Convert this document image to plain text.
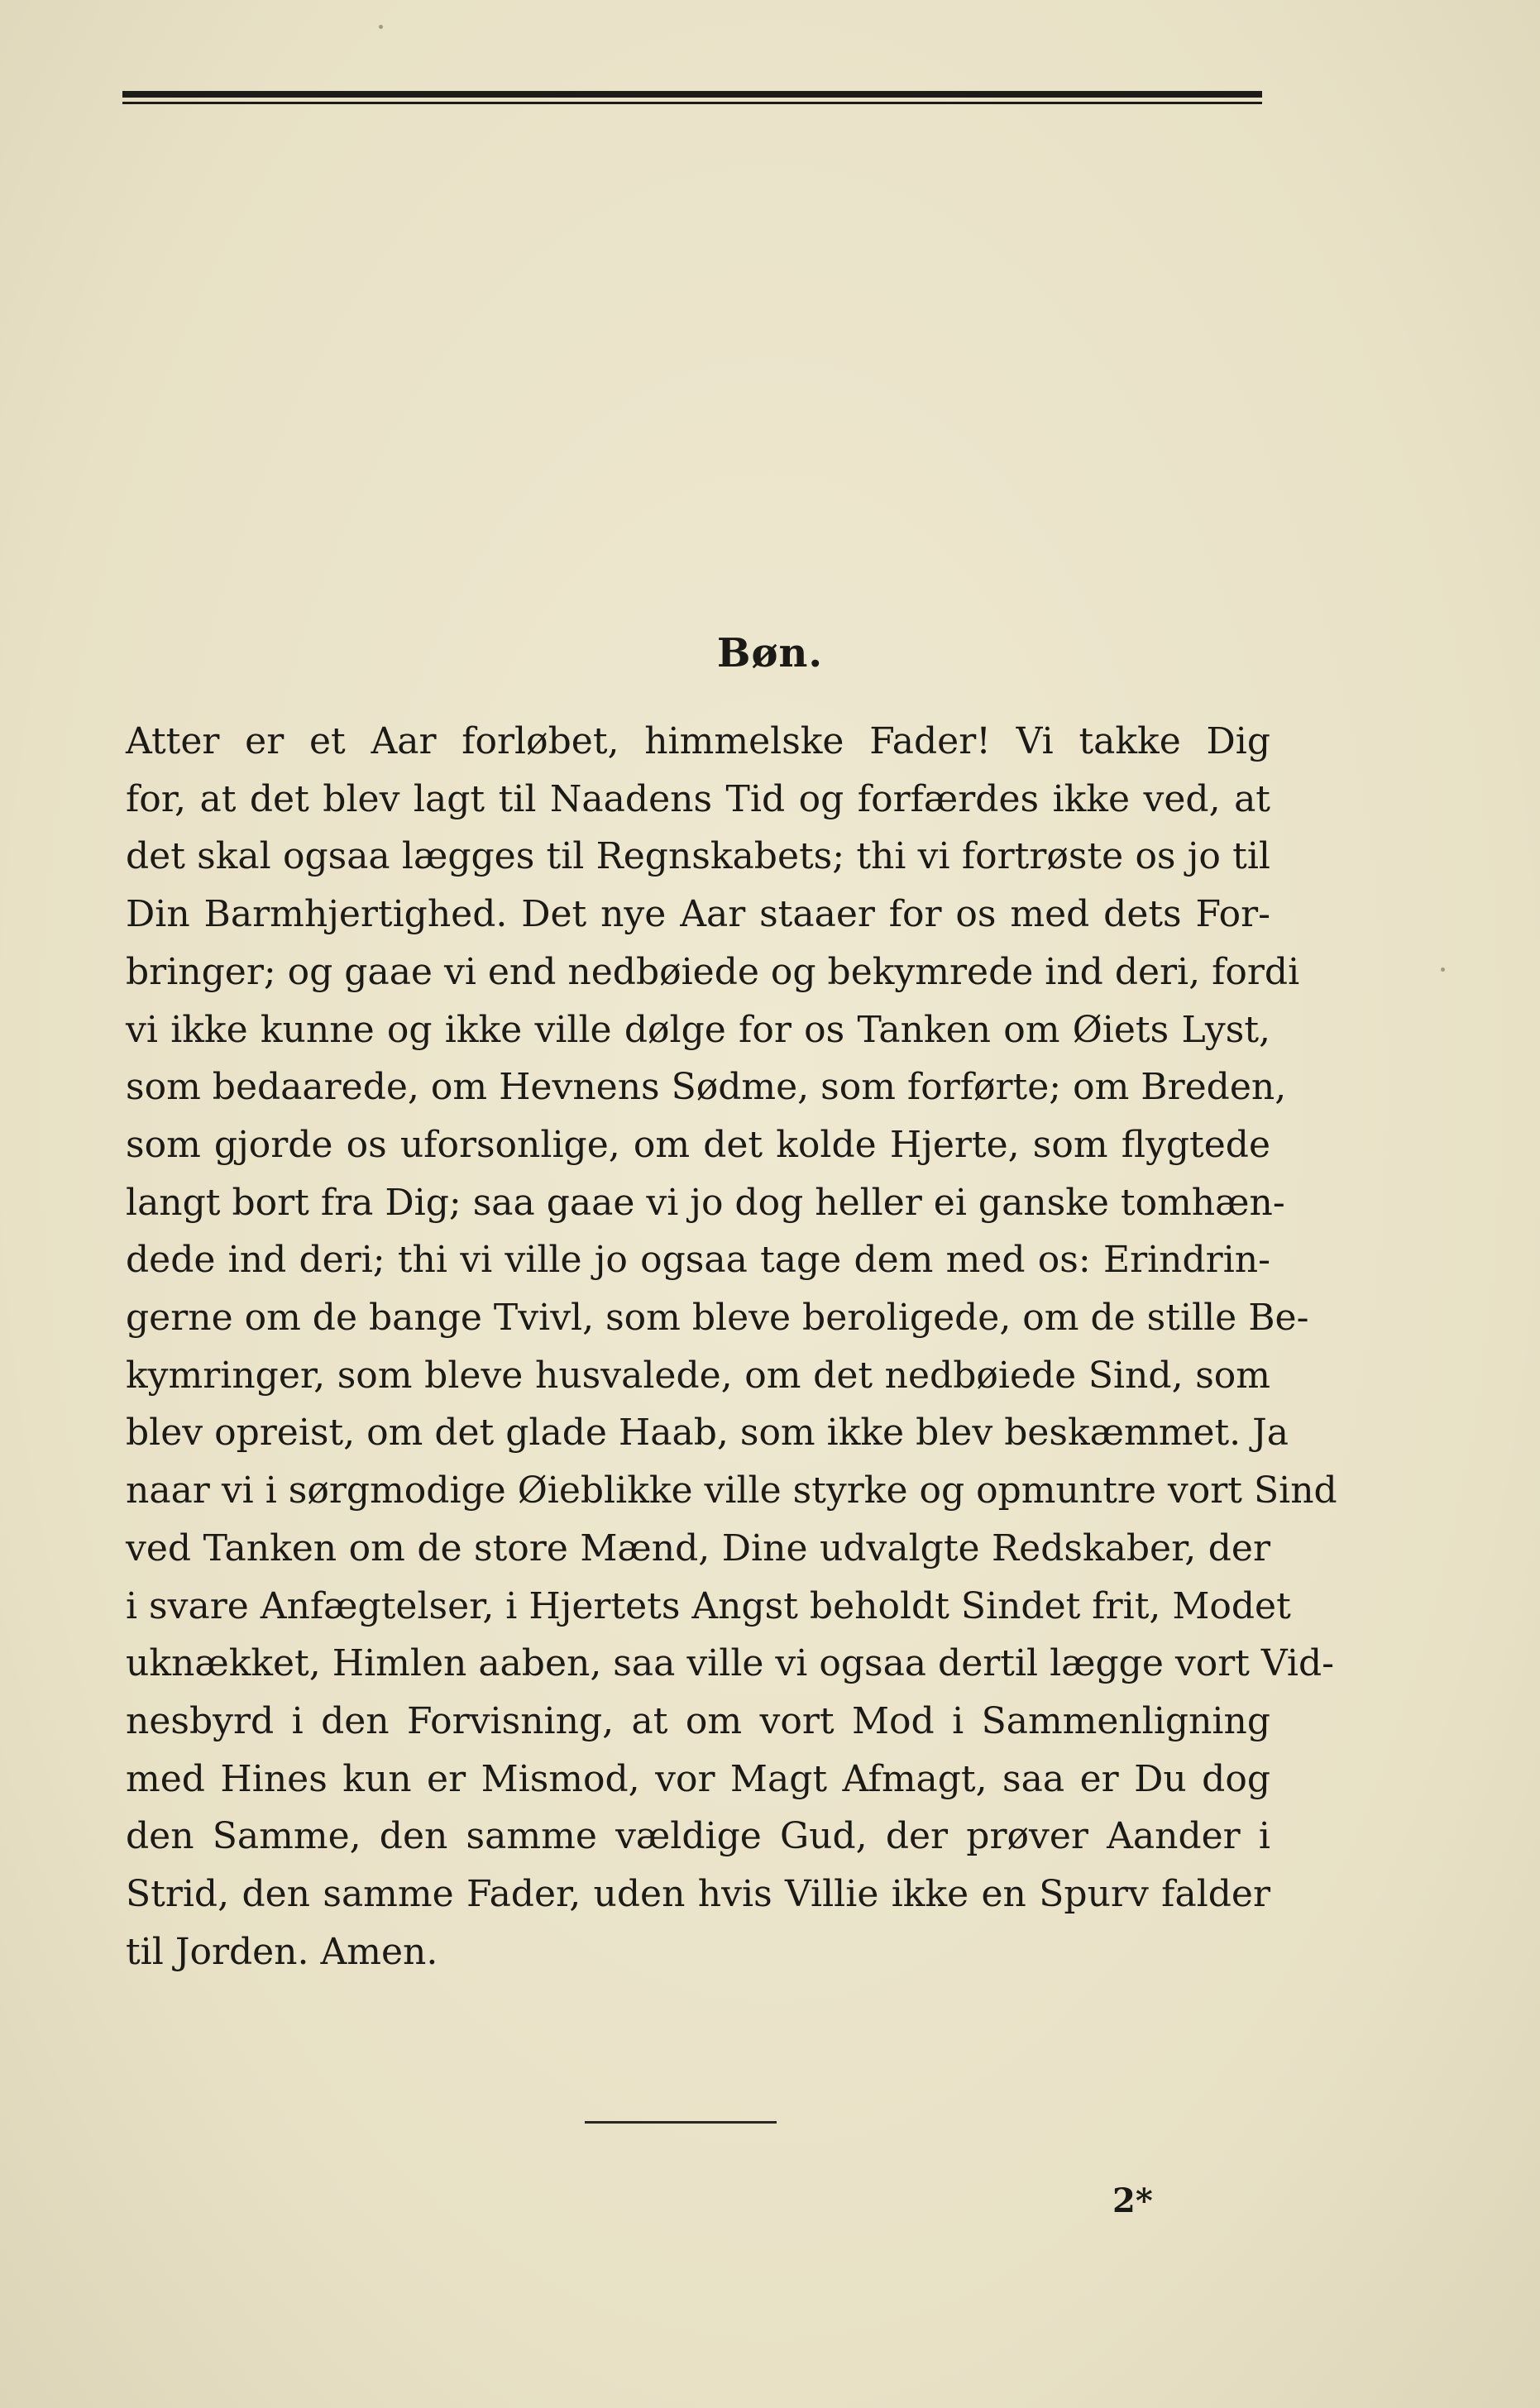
Bøn.
Atter er et Aar forløbet, himmelske Fader! Vi takke Dig
for, at det blev lagt til Naadens Tid og forfærdes ikke ved, at
det skal ogsaa lægges til Regnskabets; thi vi fortrøste os jo til
Din Barmhjertighed. Det nye Aar staaer for os med dets For-
bringer; og gaae vi end nedbøiede og bekymrede ind deri, fordi
vi ikke kunne og ikke ville dølge for os Tanken om Øiets Lyst,
som bedaarede, om Hevnens Sødme, som forførte; om Breden,
som gjorde os uforsonlige, om det kolde Hjerte, som flygtede
langt bort fra Dig; saa gaae vi jo dog heller ei ganske tomhæn-
dede ind deri; thi vi ville jo ogsaa tage dem med os: Erindrin-
gerne om de bange Tvivl, som bleve beroligede, om de stille Be-
kymringer, som bleve husvalede, om det nedbøiede Sind, som
blev opreist, om det glade Haab, som ikke blev beskæmmet. Ja
naar vi i sørgmodige Øieblikke ville styrke og opmuntre vort Sind
ved Tanken om de store Mænd, Dine udvalgte Redskaber, der
i svare Anfægtelser, i Hjertets Angst beholdt Sindet frit, Modet
uknækket, Himlen aaben, saa ville vi ogsaa dertil lægge vort Vid-
nesbyrd i den Forvisning, at om vort Mod i Sammenligning
med Hines kun er Mismod, vor Magt Afmagt, saa er Du dog
den Samme, den samme vældige Gud, der prøver Aander i
Strid, den samme Fader, uden hvis Villie ikke en Spurv falder
til Jorden. Amen.
2*
